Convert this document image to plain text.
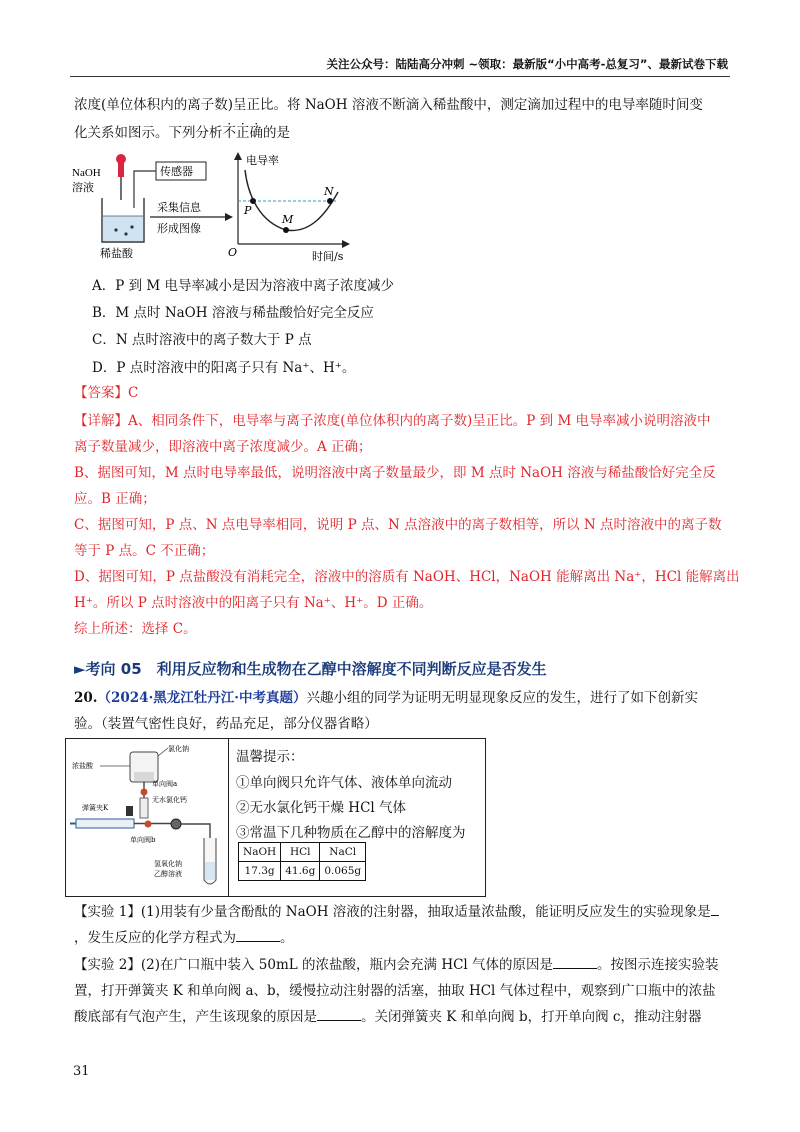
关注公众号：陆陆高分冲刺 ~领取：最新版“小中高考-总复习”、最新试卷下载
浓度(单位体积内的离子数)呈正比。将 NaOH 溶液不断滴入稀盐酸中，测定滴加过程中的电导率随时间变
化关系如图示。下列分析不正确的是
NaOH
溶液
传感器
稀盐酸
采集信息
形成图像
电导率
时间/s
O
P
M
N
A．P 到 M 电导率减小是因为溶液中离子浓度减少
B．M 点时 NaOH 溶液与稀盐酸恰好完全反应
C．N 点时溶液中的离子数大于 P 点
D．P 点时溶液中的阳离子只有 Na⁺、H⁺。
【答案】C
【详解】A、相同条件下，电导率与离子浓度(单位体积内的离子数)呈正比。P 到 M 电导率减小说明溶液中
离子数量减少，即溶液中离子浓度减少。A 正确；
B、据图可知，M 点时电导率最低，说明溶液中离子数量最少，即 M 点时 NaOH 溶液与稀盐酸恰好完全反
应。B 正确；
C、据图可知，P 点、N 点电导率相同，说明 P 点、N 点溶液中的离子数相等，所以 N 点时溶液中的离子数
等于 P 点。C 不正确；
D、据图可知，P 点盐酸没有消耗完全，溶液中的溶质有 NaOH、HCl，NaOH 能解离出 Na⁺，HCl 能解离出
H⁺。所以 P 点时溶液中的阳离子只有 Na⁺、H⁺。D 正确。
综上所述：选择 C。
►考向 05　利用反应物和生成物在乙醇中溶解度不同判断反应是否发生
20.（2024·黑龙江牡丹江·中考真题）兴趣小组的同学为证明无明显现象反应的发生，进行了如下创新实
验。（装置气密性良好，药品充足，部分仪器省略）
氯化钠
浓盐酸
单向阀a
无水氯化钙
弹簧夹K
单向阀b
氢氧化钠
乙醇溶液
温馨提示：
①单向阀只允许气体、液体单向流动
②无水氯化钙干燥 HCl 气体
③常温下几种物质在乙醇中的溶解度为
NaOH	HCl	NaCl
17.3g	41.6g	0.065g
【实验 1】(1)用装有少量含酚酞的 NaOH 溶液的注射器，抽取适量浓盐酸，能证明反应发生的实验现象是
，发生反应的化学方程式为	。
【实验 2】(2)在广口瓶中装入 50mL 的浓盐酸，瓶内会充满 HCl 气体的原因是	。按图示连接实验装
置，打开弹簧夹 K 和单向阀 a、b，缓慢拉动注射器的活塞，抽取 HCl 气体过程中，观察到广口瓶中的浓盐
酸底部有气泡产生，产生该现象的原因是	。关闭弹簧夹 K 和单向阀 b，打开单向阀 c，推动注射器
31
